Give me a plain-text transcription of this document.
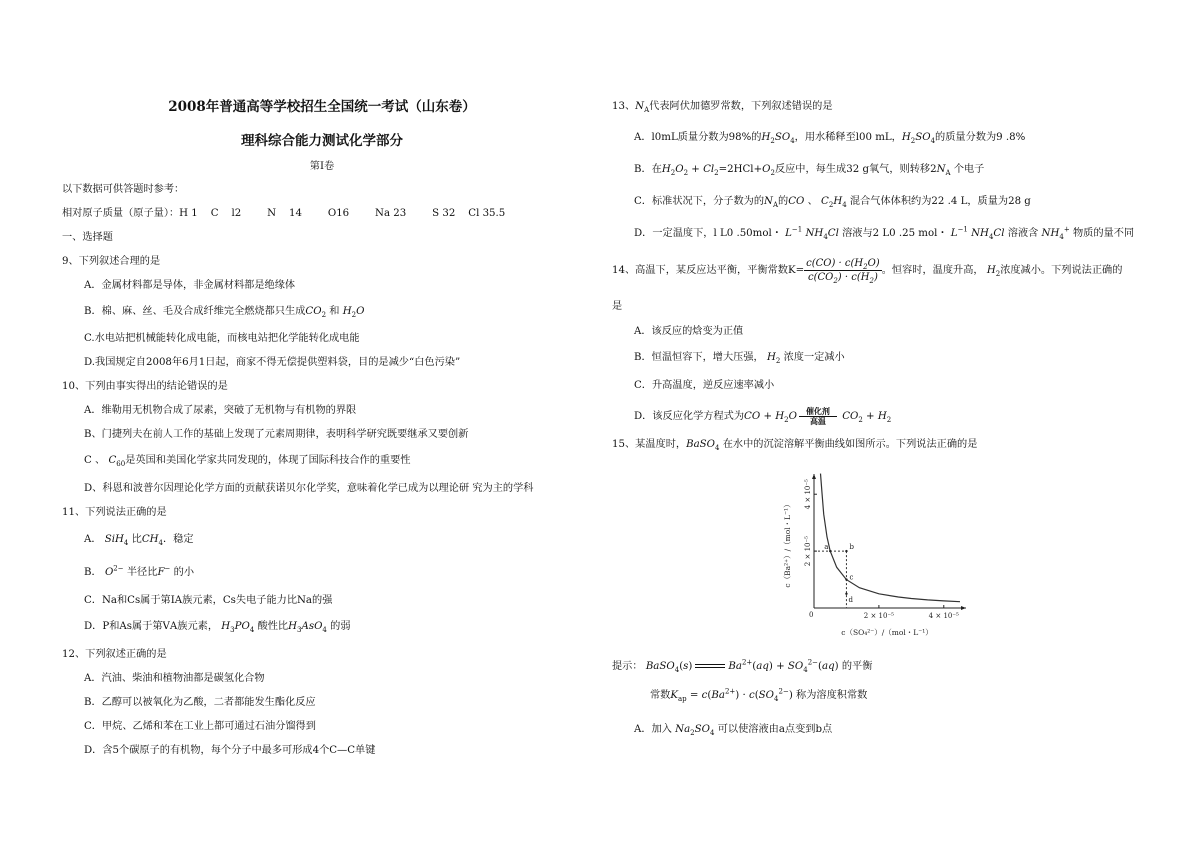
2008年普通高等学校招生全国统一考试（山东卷）
理科综合能力测试化学部分
第Ⅰ卷
以下数据可供答题时参考：
相对原子质量（原子量）：H 1    C    l2        N    14        O16        Na 23        S 32    Cl 35.5
一、选择题
9、下列叙述合理的是
A．金属材料都是导体，非金属材料都是绝缘体
B．棉、麻、丝、毛及合成纤维完全燃烧都只生成$CO_2$ 和 $H_2O$
C.水电站把机械能转化成电能，而核电站把化学能转化成电能
D.我国规定自2008年6月1日起，商家不得无偿提供塑料袋，目的是减少“白色污染”
10、下列由事实得出的结论错误的是
A．维勒用无机物合成了尿素，突破了无机物与有机物的界限
B、门捷列夫在前人工作的基础上发现了元素周期律，表明科学研究既要继承又要创新
C 、 $C_{60}$是英国和美国化学家共同发现的，体现了国际科技合作的重要性
D、科恩和波普尔因理论化学方面的贡献获诺贝尔化学奖，意味着化学已成为以理论研 究为主的学科
11、下列说法正确的是
A． SiH$_4$ 比$CH_4$．稳定
B． $O^{2-}$ 半径比F− 的小
C．Na和Cs属于第ⅠA族元素，Cs失电子能力比Na的强
D．P和As属于第ⅤA族元素， $H_3PO_4$ 酸性比$H_3AsO_4$ 的弱
12、下列叙述正确的是
A．汽油、柴油和植物油都是碳氢化合物
B．乙醇可以被氧化为乙酸，二者都能发生酯化反应
C．甲烷、乙烯和苯在工业上都可通过石油分馏得到
D．含5个碳原子的有机物，每个分子中最多可形成4个C—C单键
13、$N_A$代表阿伏加德罗常数，下列叙述错误的是
A．l0mL质量分数为98%的$H_2SO_4$，用水稀释至l00 mL，$H_2SO_4$的质量分数为9 .8%
B．在$H_2O_2 + Cl_2=2HCl+O_2$反应中，每生成32 g氧气，则转移$2N_A$ 个电子
C．标准状况下，分子数为的$N_A$的CO 、 $C_2H_4$ 混合气体体积约为22 .4 L，质量为28 g
D．一定温度下，l L0 .50mol・ $L^{-1}$ $NH_4Cl$ 溶液与2 L0 .25 mol・ $L^{-1}$ $NH_4Cl$ 溶液含 $NH_4^+$ 物质的量不同
14、高温下，某反应达平衡，平衡常数$K= \frac{c(CO) \cdot c(H_2O)}{c(CO_2) \cdot c(H_2)}$ 。恒容时，温度升高， $H_2$浓度减小。下列说法正确的
是
A．该反应的焓变为正值
B．恒温恒容下，增大压强， $H_2$ 浓度一定减小
C．升高温度，逆反应速率减小
D．该反应化学方程式为CO + $H_2O$
催化剂
高温	$CO_2 + H_2$
15、某温度时，BaSO$_4$ 在水中的沉淀溶解平衡曲线如图所示。下列说法正确的是
提示： BaSO$_4$(s)	$Ba^{2+}(aq) + SO_4^{2-}(aq)$ 的平衡
常数$K_{ap} = c(Ba^{2+}) \cdot c(SO_4^{2-})$ 称为溶度积常数
A．加入 $Na_2SO_4$ 可以使溶液由a点变到b点
2 × 10⁻⁵
2 × 10⁻⁵
4 × 10⁻⁵
4 × 10⁻⁵
0
c（SO₄²⁻）/（mol・L⁻¹）
c（Ba²⁺）/（mol・L⁻¹）	a	b
c
d
